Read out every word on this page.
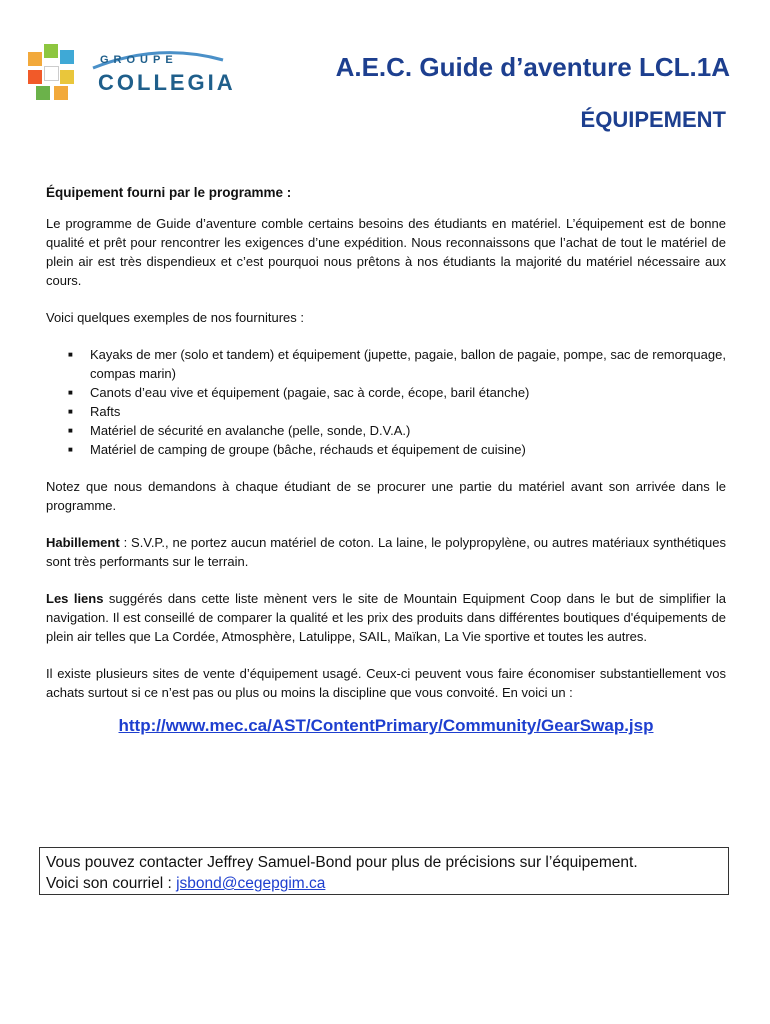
GROUPE
COLLEGIA
A.E.C. Guide d’aventure LCL.1A
ÉQUIPEMENT

Équipement fourni par le programme :

Le programme de Guide d’aventure comble certains besoins des étudiants en matériel. L’équipement est de bonne qualité et prêt pour rencontrer les exigences d’une expédition. Nous reconnaissons que l’achat de tout le matériel de plein air est très dispendieux et c’est pourquoi nous prêtons à nos étudiants la majorité du matériel nécessaire aux cours.

Voici quelques exemples de nos fournitures :

■ Kayaks de mer (solo et tandem) et équipement (jupette, pagaie, ballon de pagaie, pompe, sac de remorquage, compas marin)
■ Canots d’eau vive et équipement (pagaie, sac à corde, écope, baril étanche)
■ Rafts
■ Matériel de sécurité en avalanche (pelle, sonde, D.V.A.)
■ Matériel de camping de groupe (bâche, réchauds et équipement de cuisine)

Notez que nous demandons à chaque étudiant de se procurer une partie du matériel avant son arrivée dans le programme.

Habillement : S.V.P., ne portez aucun matériel de coton. La laine, le polypropylène, ou autres matériaux synthétiques sont très performants sur le terrain.

Les liens suggérés dans cette liste mènent vers le site de Mountain Equipment Coop dans le but de simplifier la navigation. Il est conseillé de comparer la qualité et les prix des produits dans différentes boutiques d'équipements de plein air telles que La Cordée, Atmosphère, Latulippe, SAIL, Maïkan, La Vie sportive et toutes les autres.

Il existe plusieurs sites de vente d’équipement usagé. Ceux-ci peuvent vous faire économiser substantiellement vos achats surtout si ce n’est pas ou plus ou moins la discipline que vous convoité. En voici un :

http://www.mec.ca/AST/ContentPrimary/Community/GearSwap.jsp
Vous pouvez contacter Jeffrey Samuel-Bond pour plus de précisions sur l’équipement.
Voici son courriel : jsbond@cegepgim.ca
